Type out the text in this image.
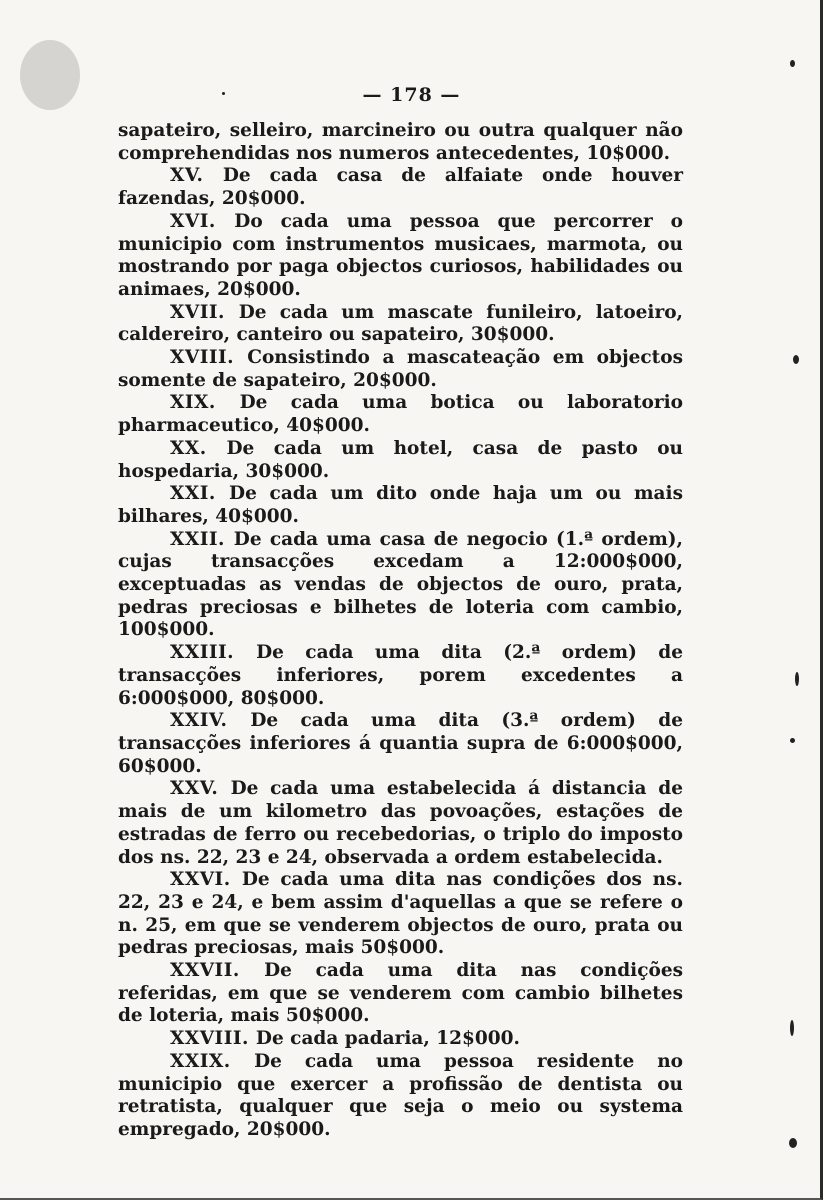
— 178 —

sapateiro, selleiro, marcineiro ou outra qualquer não comprehendidas nos numeros antecedentes, 10$000.

XV. De cada casa de alfaiate onde houver fazendas, 20$000.

XVI. Do cada uma pessoa que percorrer o municipio com instrumentos musicaes, marmota, ou mostrando por paga objectos curiosos, habilidades ou animaes, 20$000.

XVII. De cada um mascate funileiro, latoeiro, caldereiro, canteiro ou sapateiro, 30$000.

XVIII. Consistindo a mascateação em objectos somente de sapateiro, 20$000.

XIX. De cada uma botica ou laboratorio pharmaceutico, 40$000.

XX. De cada um hotel, casa de pasto ou hospedaria, 30$000.

XXI. De cada um dito onde haja um ou mais bilhares, 40$000.

XXII. De cada uma casa de negocio (1.ª ordem), cujas transacções excedam a 12:000$000, exceptuadas as vendas de objectos de ouro, prata, pedras preciosas e bilhetes de loteria com cambio, 100$000.

XXIII. De cada uma dita (2.ª ordem) de transacções inferiores, porem excedentes a 6:000$000, 80$000.

XXIV. De cada uma dita (3.ª ordem) de transacções inferiores á quantia supra de 6:000$000, 60$000.

XXV. De cada uma estabelecida á distancia de mais de um kilometro das povoações, estações de estradas de ferro ou recebedorias, o triplo do imposto dos ns. 22, 23 e 24, observada a ordem estabelecida.

XXVI. De cada uma dita nas condições dos ns. 22, 23 e 24, e bem assim d'aquellas a que se refere o n. 25, em que se venderem objectos de ouro, prata ou pedras preciosas, mais 50$000.

XXVII. De cada uma dita nas condições referidas, em que se venderem com cambio bilhetes de loteria, mais 50$000.

XXVIII. De cada padaria, 12$000.

XXIX. De cada uma pessoa residente no municipio que exercer a profissão de dentista ou retratista, qualquer que seja o meio ou systema empregado, 20$000.
